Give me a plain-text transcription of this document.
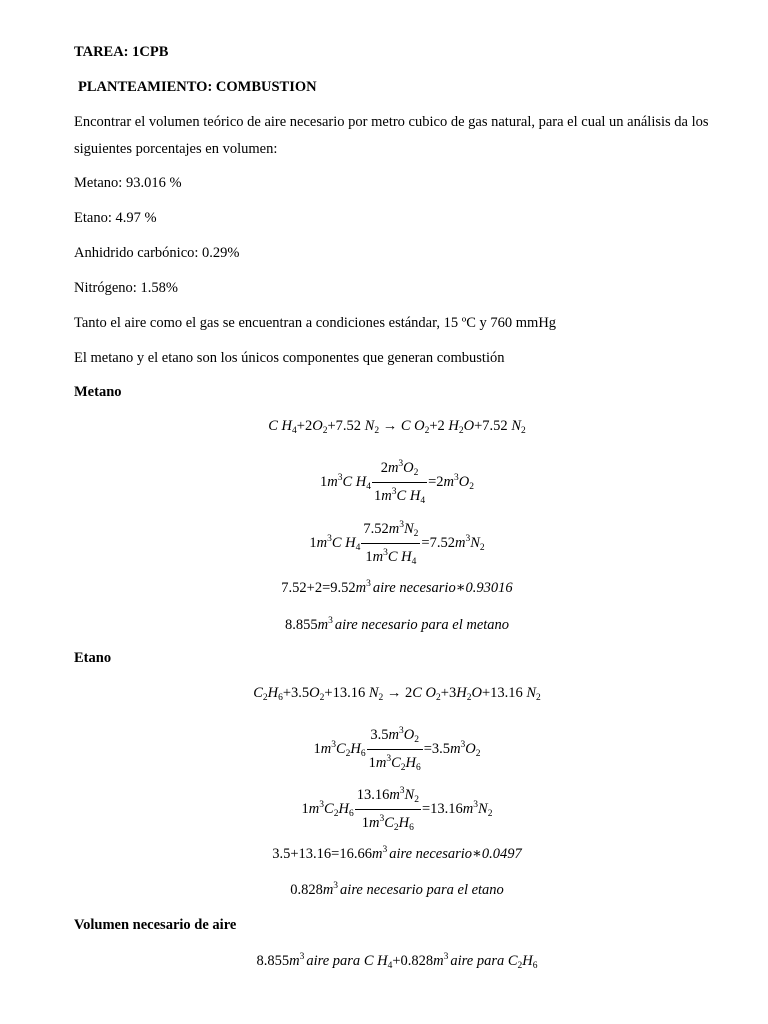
TAREA: 1CPB
PLANTEAMIENTO: COMBUSTION
Encontrar el volumen teórico de aire necesario por metro cubico de gas natural, para el cual un análisis da los siguientes porcentajes en volumen:
Metano: 93.016 %
Etano: 4.97 %
Anhidrido carbónico: 0.29%
Nitrógeno: 1.58%
Tanto el aire como el gas se encuentran a condiciones estándar, 15 ºC y 760 mmHg
El metano y el etano son los únicos componentes que generan combustión
Metano
C $H_4+2O_2+7.52$ $N_2 \to C$ $O_2+2$ $H_2O+7.52$ $N_2$
$1m^3C$ $H_4 \frac{2m^3O_2}{1m^3C H_4} =2m^3O_2$
$1m^3C$ $H_4 \frac{7.52m^3N_2}{1m^3C H_4} =7.52m^3N_2$
$7.52+2=9.52m^3$ aire necesario∗0.93016
$8.855m^3$ aire necesario para el metano
Etano
$C_2H_6+3.5O_2+13.16$ $N_2 \to 2C$ $O_2+3H_2O+13.16$ $N_2$
$1m^3C_2H_6 \frac{3.5m^3O_2}{1m^3C_2H_6} =3.5m^3O_2$
$1m^3C_2H_6 \frac{13.16m^3N_2}{1m^3C_2H_6} =13.16m^3N_2$
$3.5+13.16=16.66m^3$ aire necesario∗0.0497
$0.828m^3$ aire necesario para el etano
Volumen necesario de aire
$8.855m^3$ aire para C $H_4+0.828m^3$ aire para $C_2H_6$
